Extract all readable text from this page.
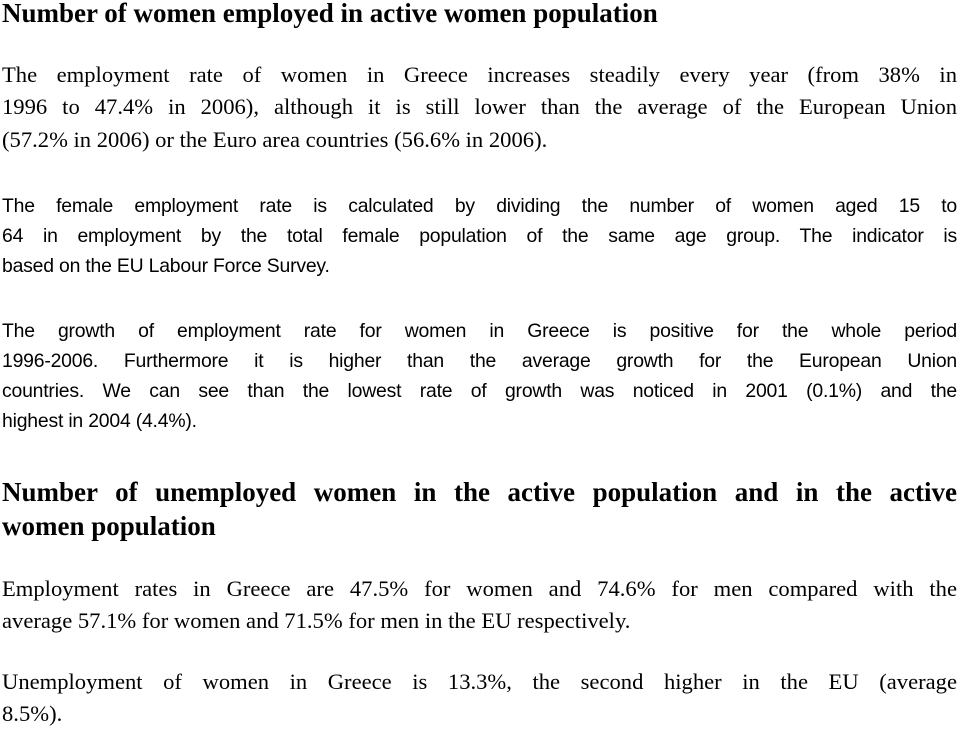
Number of women employed in active women population
The employment rate of women in Greece increases steadily every year (from 38% in
1996 to 47.4% in 2006), although it is still lower than the average of the European Union
(57.2% in 2006) or the Euro area countries (56.6% in 2006).
The female employment rate is calculated by dividing the number of women aged 15 to
64 in employment by the total female population of the same age group. The indicator is
based on the EU Labour Force Survey.
The growth of employment rate for women in Greece is positive for the whole period
1996-2006. Furthermore it is higher than the average growth for the European Union
countries. We can see than the lowest rate of growth was noticed in 2001 (0.1%) and the
highest in 2004 (4.4%).
Number of unemployed women in the active population and in the active
women population
Employment rates in Greece are 47.5% for women and 74.6% for men compared with the
average 57.1% for women and 71.5% for men in the EU respectively.
Unemployment of women in Greece is 13.3%, the second higher in the EU (average
8.5%).
